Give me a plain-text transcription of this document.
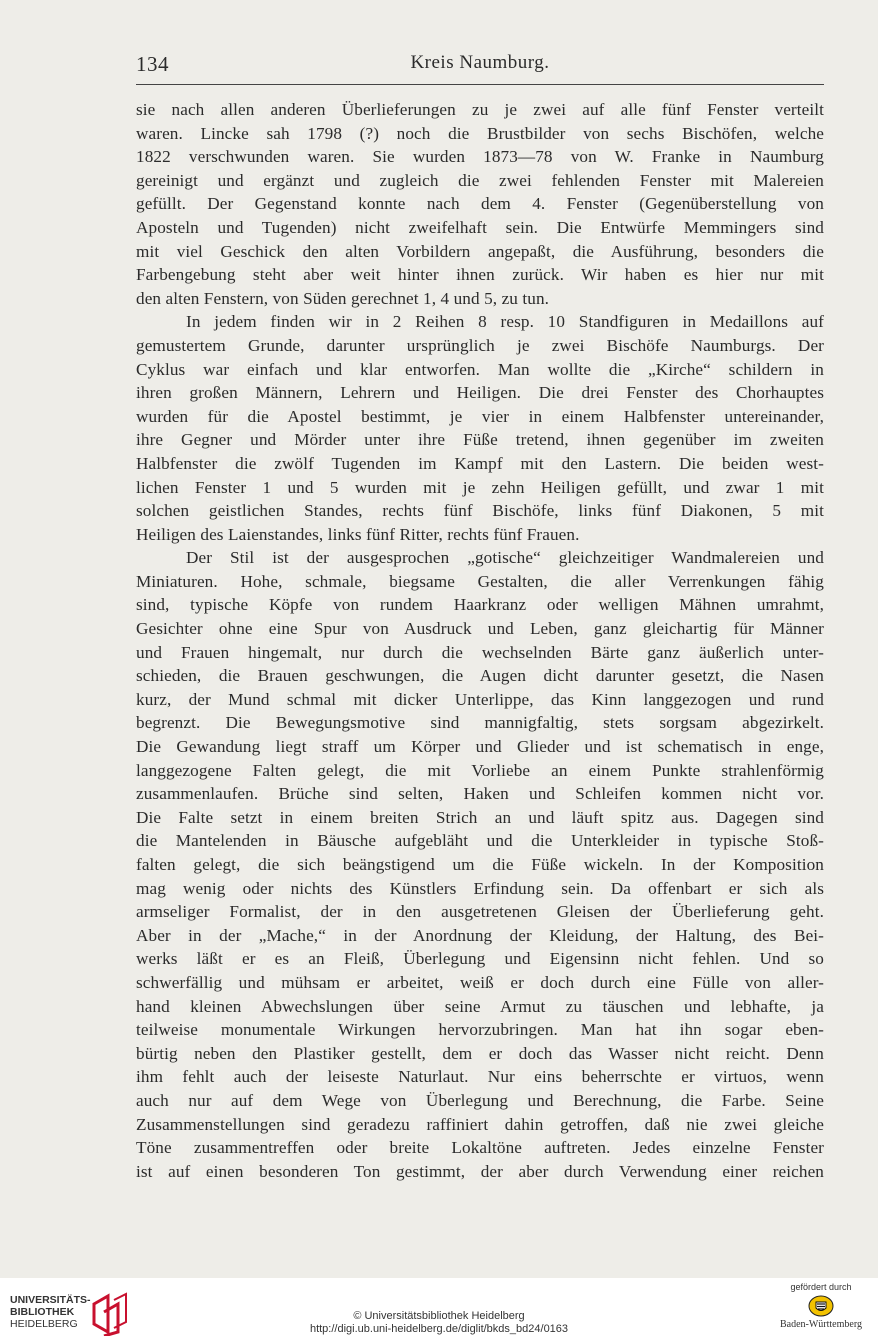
134	Kreis Naumburg.
sie nach allen anderen Überlieferungen zu je zwei auf alle fünf Fenster verteilt
waren. Lincke sah 1798 (?) noch die Brustbilder von sechs Bischöfen, welche
1822 verschwunden waren. Sie wurden 1873—78 von W. Franke in Naumburg
gereinigt und ergänzt und zugleich die zwei fehlenden Fenster mit Malereien
gefüllt. Der Gegenstand konnte nach dem 4. Fenster (Gegenüberstellung von
Aposteln und Tugenden) nicht zweifelhaft sein. Die Entwürfe Memmingers sind
mit viel Geschick den alten Vorbildern angepaßt, die Ausführung, besonders die
Farbengebung steht aber weit hinter ihnen zurück. Wir haben es hier nur mit
den alten Fenstern, von Süden gerechnet 1, 4 und 5, zu tun.
In jedem finden wir in 2 Reihen 8 resp. 10 Standfiguren in Medaillons auf
gemustertem Grunde, darunter ursprünglich je zwei Bischöfe Naumburgs. Der
Cyklus war einfach und klar entworfen. Man wollte die „Kirche“ schildern in
ihren großen Männern, Lehrern und Heiligen. Die drei Fenster des Chorhauptes
wurden für die Apostel bestimmt, je vier in einem Halbfenster untereinander,
ihre Gegner und Mörder unter ihre Füße tretend, ihnen gegenüber im zweiten
Halbfenster die zwölf Tugenden im Kampf mit den Lastern. Die beiden west-
lichen Fenster 1 und 5 wurden mit je zehn Heiligen gefüllt, und zwar 1 mit
solchen geistlichen Standes, rechts fünf Bischöfe, links fünf Diakonen, 5 mit
Heiligen des Laienstandes, links fünf Ritter, rechts fünf Frauen.
Der Stil ist der ausgesprochen „gotische“ gleichzeitiger Wandmalereien und
Miniaturen. Hohe, schmale, biegsame Gestalten, die aller Verrenkungen fähig
sind, typische Köpfe von rundem Haarkranz oder welligen Mähnen umrahmt,
Gesichter ohne eine Spur von Ausdruck und Leben, ganz gleichartig für Männer
und Frauen hingemalt, nur durch die wechselnden Bärte ganz äußerlich unter-
schieden, die Brauen geschwungen, die Augen dicht darunter gesetzt, die Nasen
kurz, der Mund schmal mit dicker Unterlippe, das Kinn langgezogen und rund
begrenzt. Die Bewegungsmotive sind mannigfaltig, stets sorgsam abgezirkelt.
Die Gewandung liegt straff um Körper und Glieder und ist schematisch in enge,
langgezogene Falten gelegt, die mit Vorliebe an einem Punkte strahlenförmig
zusammenlaufen. Brüche sind selten, Haken und Schleifen kommen nicht vor.
Die Falte setzt in einem breiten Strich an und läuft spitz aus. Dagegen sind
die Mantelenden in Bäusche aufgebläht und die Unterkleider in typische Stoß-
falten gelegt, die sich beängstigend um die Füße wickeln. In der Komposition
mag wenig oder nichts des Künstlers Erfindung sein. Da offenbart er sich als
armseliger Formalist, der in den ausgetretenen Gleisen der Überlieferung geht.
Aber in der „Mache,“ in der Anordnung der Kleidung, der Haltung, des Bei-
werks läßt er es an Fleiß, Überlegung und Eigensinn nicht fehlen. Und so
schwerfällig und mühsam er arbeitet, weiß er doch durch eine Fülle von aller-
hand kleinen Abwechslungen über seine Armut zu täuschen und lebhafte, ja
teilweise monumentale Wirkungen hervorzubringen. Man hat ihn sogar eben-
bürtig neben den Plastiker gestellt, dem er doch das Wasser nicht reicht. Denn
ihm fehlt auch der leiseste Naturlaut. Nur eins beherrschte er virtuos, wenn
auch nur auf dem Wege von Überlegung und Berechnung, die Farbe. Seine
Zusammenstellungen sind geradezu raffiniert dahin getroffen, daß nie zwei gleiche
Töne zusammentreffen oder breite Lokaltöne auftreten. Jedes einzelne Fenster
ist auf einen besonderen Ton gestimmt, der aber durch Verwendung einer reichen
UNIVERSITÄTS-
BIBLIOTHEK
HEIDELBERG
© Universitätsbibliothek Heidelberg
http://digi.ub.uni-heidelberg.de/diglit/bkds_bd24/0163
gefördert durch
Baden-Württemberg
